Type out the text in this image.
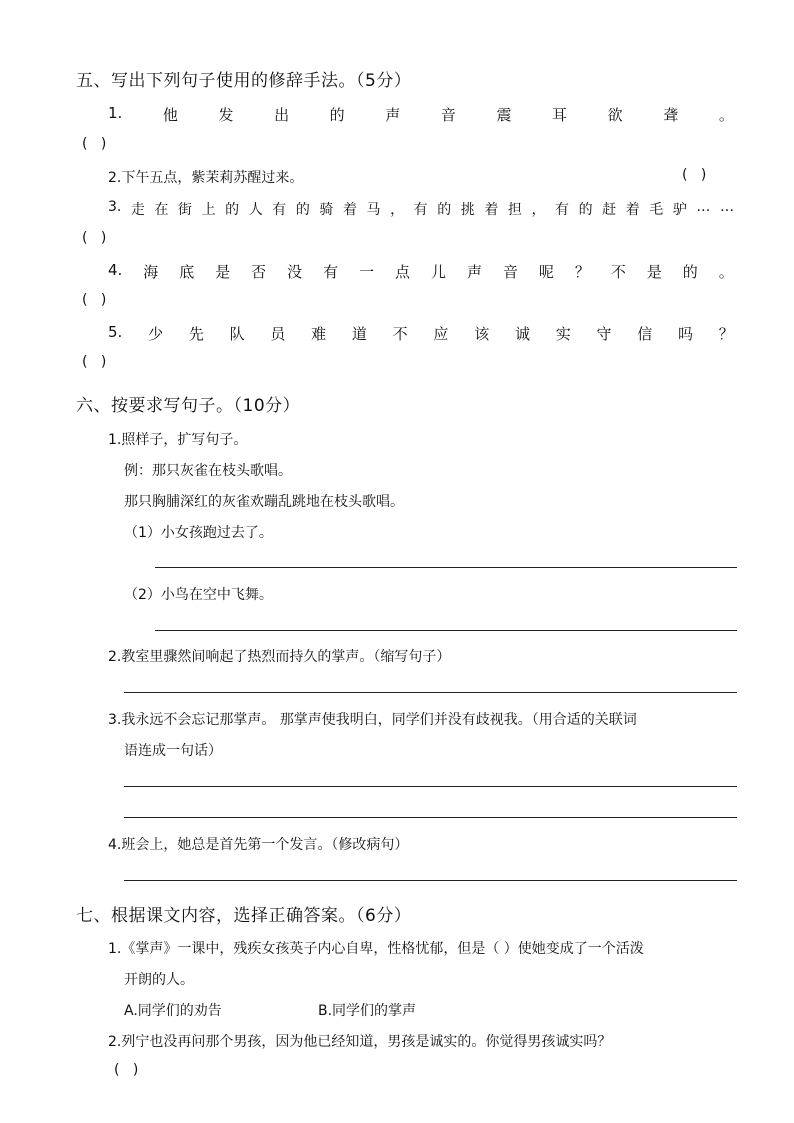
五、写出下列句子使用的修辞手法。（5分）
1.	他	发	出	的	声	音	震	耳	欲	聋	。
(   )
2.下午五点，紫茉莉苏醒过来。	(   )
3. 走 在 街 上 的 人 有 的 骑 着 马 ， 有 的 挑 着 担 ， 有 的 赶 着 毛 驴 … …
(   )
4. 海 底 是 否 没 有 一 点 儿 声 音 呢 ？ 不 是 的 。
(   )
5. 少 先 队 员 难 道 不 应 该 诚 实 守 信 吗 ？
(   )
六、按要求写句子。（10分）
1.照样子，扩写句子。
例：那只灰雀在枝头歌唱。
那只胸脯深红的灰雀欢蹦乱跳地在枝头歌唱。
（1）小女孩跑过去了。
（2）小鸟在空中飞舞。
2.教室里骤然间响起了热烈而持久的掌声。（缩写句子）
3.我永远不会忘记那掌声。 那掌声使我明白，同学们并没有歧视我。（用合适的关联词
语连成一句话）
4.班会上，她总是首先第一个发言。（修改病句）
七、根据课文内容，选择正确答案。（6分）
1.《掌声》一课中，残疾女孩英子内心自卑，性格忧郁，但是（ ）使她变成了一个活泼
开朗的人。
A.同学们的劝告	B.同学们的掌声
2.列宁也没再问那个男孩，因为他已经知道，男孩是诚实的。你觉得男孩诚实吗？
(   )
